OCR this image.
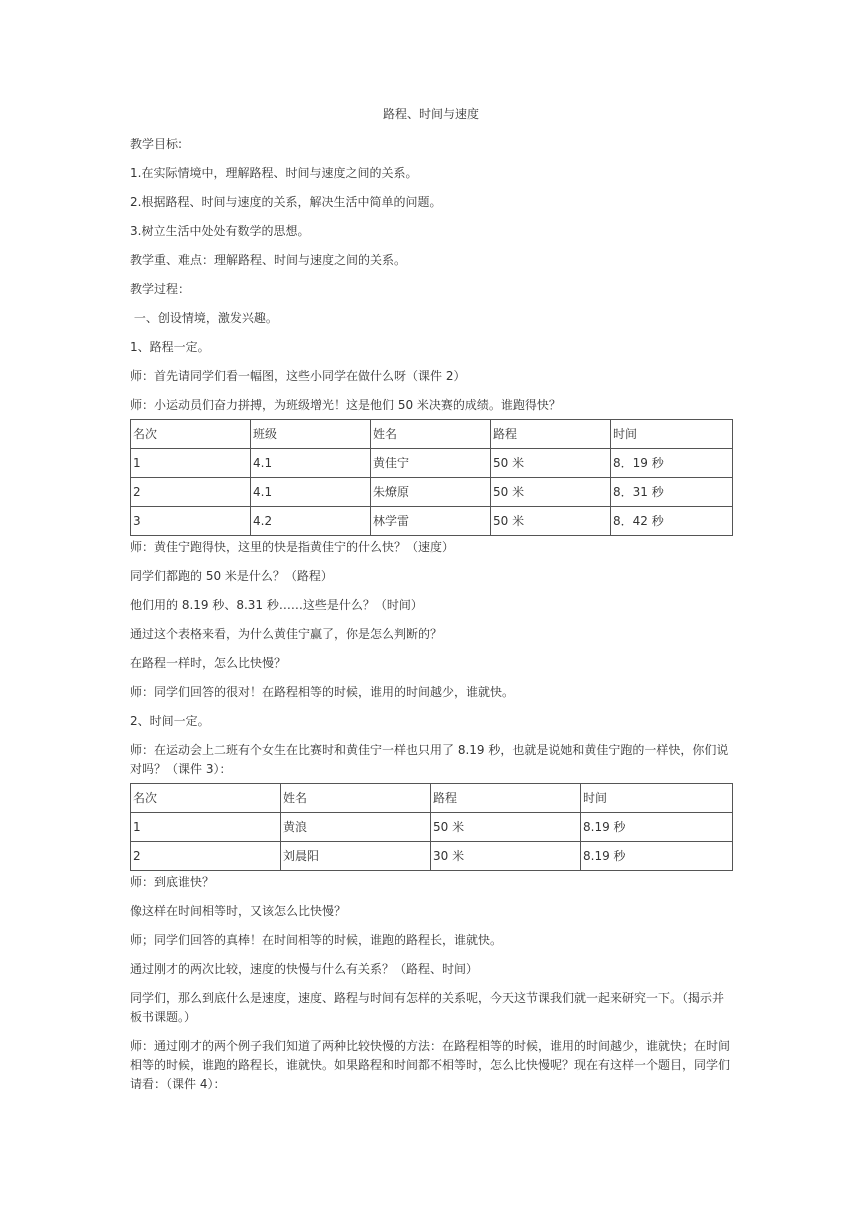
路程、时间与速度

教学目标:

1.在实际情境中，理解路程、时间与速度之间的关系。

2.根据路程、时间与速度的关系，解决生活中简单的问题。

3.树立生活中处处有数学的思想。

教学重、难点：理解路程、时间与速度之间的关系。

教学过程：

一、创设情境，激发兴趣。

1、路程一定。

师：首先请同学们看一幅图，这些小同学在做什么呀（课件 2）

师：小运动员们奋力拼搏，为班级增光！这是他们 50 米决赛的成绩。谁跑得快？

名次	班级	姓名	路程	时间
1	4.1	黄佳宁	50 米	8．19 秒
2	4.1	朱燎原	50 米	8．31 秒
3	4.2	林学雷	50 米	8．42 秒

师：黄佳宁跑得快，这里的快是指黄佳宁的什么快？（速度）

同学们都跑的 50 米是什么？（路程）

他们用的 8.19 秒、8.31 秒……这些是什么？（时间）

通过这个表格来看，为什么黄佳宁赢了，你是怎么判断的？

在路程一样时，怎么比快慢？

师：同学们回答的很对！在路程相等的时候，谁用的时间越少，谁就快。

2、时间一定。

师：在运动会上二班有个女生在比赛时和黄佳宁一样也只用了 8.19 秒，也就是说她和黄佳宁跑的一样快，你们说对吗？（课件 3）：

名次	姓名	路程	时间
1	黄浪	50 米	8.19 秒
2	刘晨阳	30 米	8.19 秒

师：到底谁快？

像这样在时间相等时，又该怎么比快慢？

师；同学们回答的真棒！在时间相等的时候，谁跑的路程长，谁就快。

通过刚才的两次比较，速度的快慢与什么有关系？（路程、时间）

同学们，那么到底什么是速度，速度、路程与时间有怎样的关系呢，今天这节课我们就一起来研究一下。（揭示并板书课题。）

师：通过刚才的两个例子我们知道了两种比较快慢的方法：在路程相等的时候，谁用的时间越少，谁就快；在时间相等的时候，谁跑的路程长，谁就快。如果路程和时间都不相等时，怎么比快慢呢？现在有这样一个题目，同学们请看：（课件 4）：
